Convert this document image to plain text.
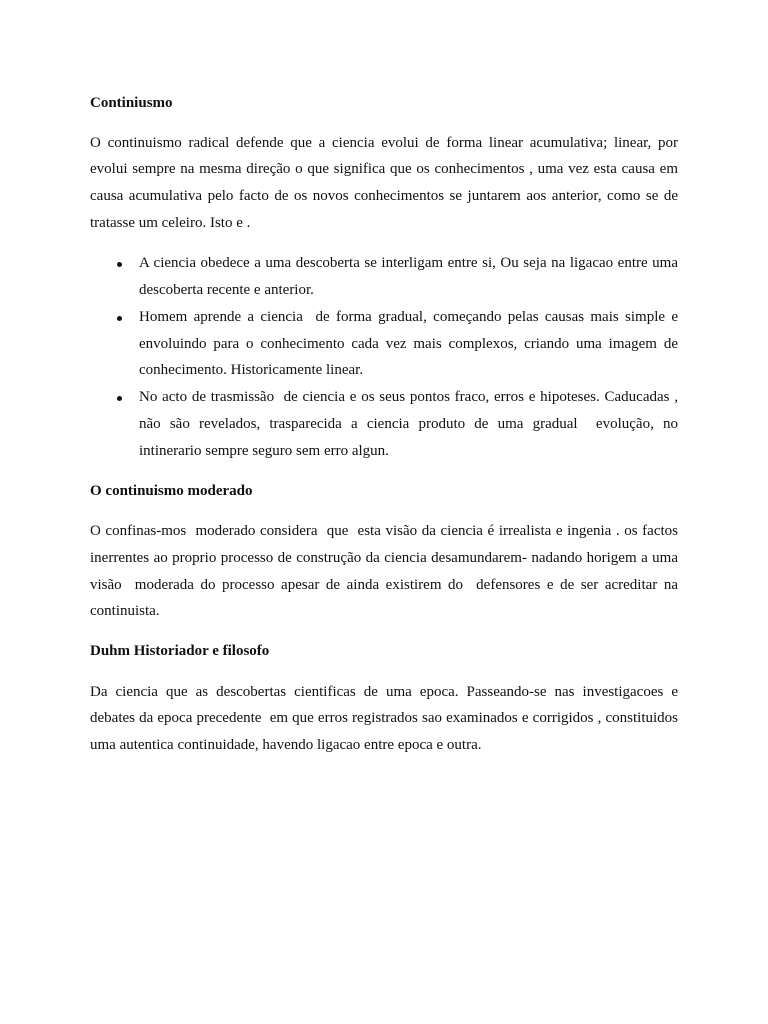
Continiusmo
O continuismo radical defende que a ciencia evolui de forma linear acumulativa; linear, por
evolui sempre na mesma direção o que significa que os conhecimentos , uma vez esta causa em
causa acumulativa pelo facto de os novos conhecimentos se juntarem aos anterior, como se de
tratasse um celeiro. Isto e .
A ciencia obedece a uma descoberta se interligam entre si, Ou seja na ligacao entre uma
descoberta recente e anterior.
Homem aprende a ciencia  de forma gradual, começando pelas causas mais simple e
envoluindo para o conhecimento cada vez mais complexos, criando uma imagem de
conhecimento. Historicamente linear.
No acto de trasmissão  de ciencia e os seus pontos fraco, erros e hipoteses. Caducadas ,
não são revelados, trasparecida a ciencia produto de uma gradual  evolução, no
intinerario sempre seguro sem erro algun.
O continuismo moderado
O confinas-mos  moderado considera  que  esta visão da ciencia é irrealista e ingenia . os factos
inerrentes ao proprio processo de construção da ciencia desamundarem- nadando horigem a uma
visão  moderada do processo apesar de ainda existirem do  defensores e de ser acreditar na
continuista.
Duhm Historiador e filosofo
Da ciencia que as descobertas cientificas de uma epoca. Passeando-se nas investigacoes e
debates da epoca precedente  em que erros registrados sao examinados e corrigidos , constituidos
uma autentica continuidade, havendo ligacao entre epoca e outra.
